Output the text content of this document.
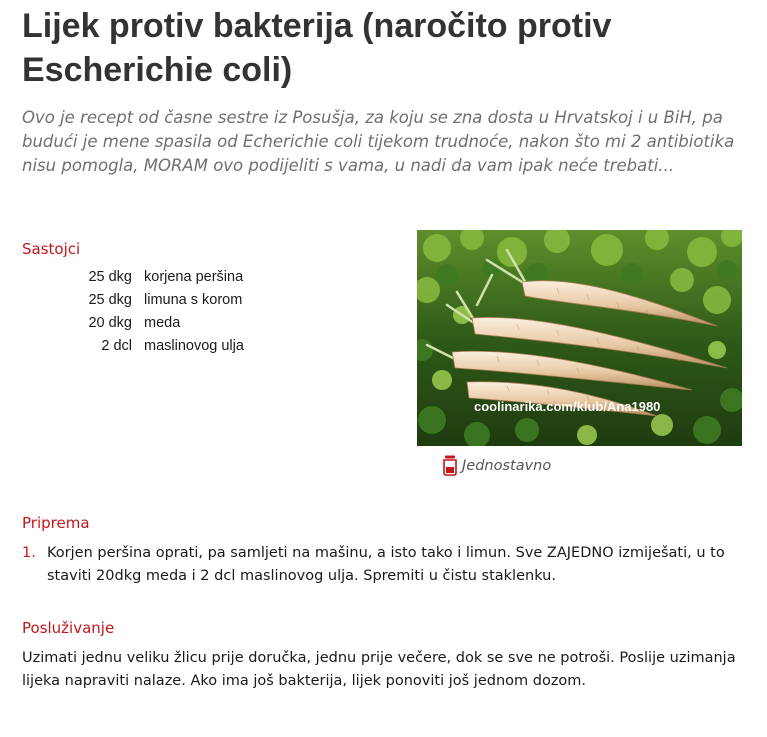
Lijek protiv bakterija (naročito protiv Escherichie coli)

Ovo je recept od časne sestre iz Posušja, za koju se zna dosta u Hrvatskoj i u BiH, pa budući je mene spasila od Echerichie coli tijekom trudnoće, nakon što mi 2 antibiotika nisu pomogla, MORAM ovo podijeliti s vama, u nadi da vam ipak neće trebati...

Sastojci
25 dkg	korjena peršina
25 dkg	limuna s korom
20 dkg	meda
2 dcl	maslinovog ulja
coolinarika.com/klub/Ana1980
Jednostavno
Priprema
1. Korjen peršina oprati, pa samljeti na mašinu, a isto tako i limun. Sve ZAJEDNO izmiješati, u to staviti 20dkg meda i 2 dcl maslinovog ulja. Spremiti u čistu staklenku.
Posluživanje

Uzimati jednu veliku žlicu prije doručka, jednu prije večere, dok se sve ne potroši. Poslije uzimanja lijeka napraviti nalaze. Ako ima još bakterija, lijek ponoviti još jednom dozom.
